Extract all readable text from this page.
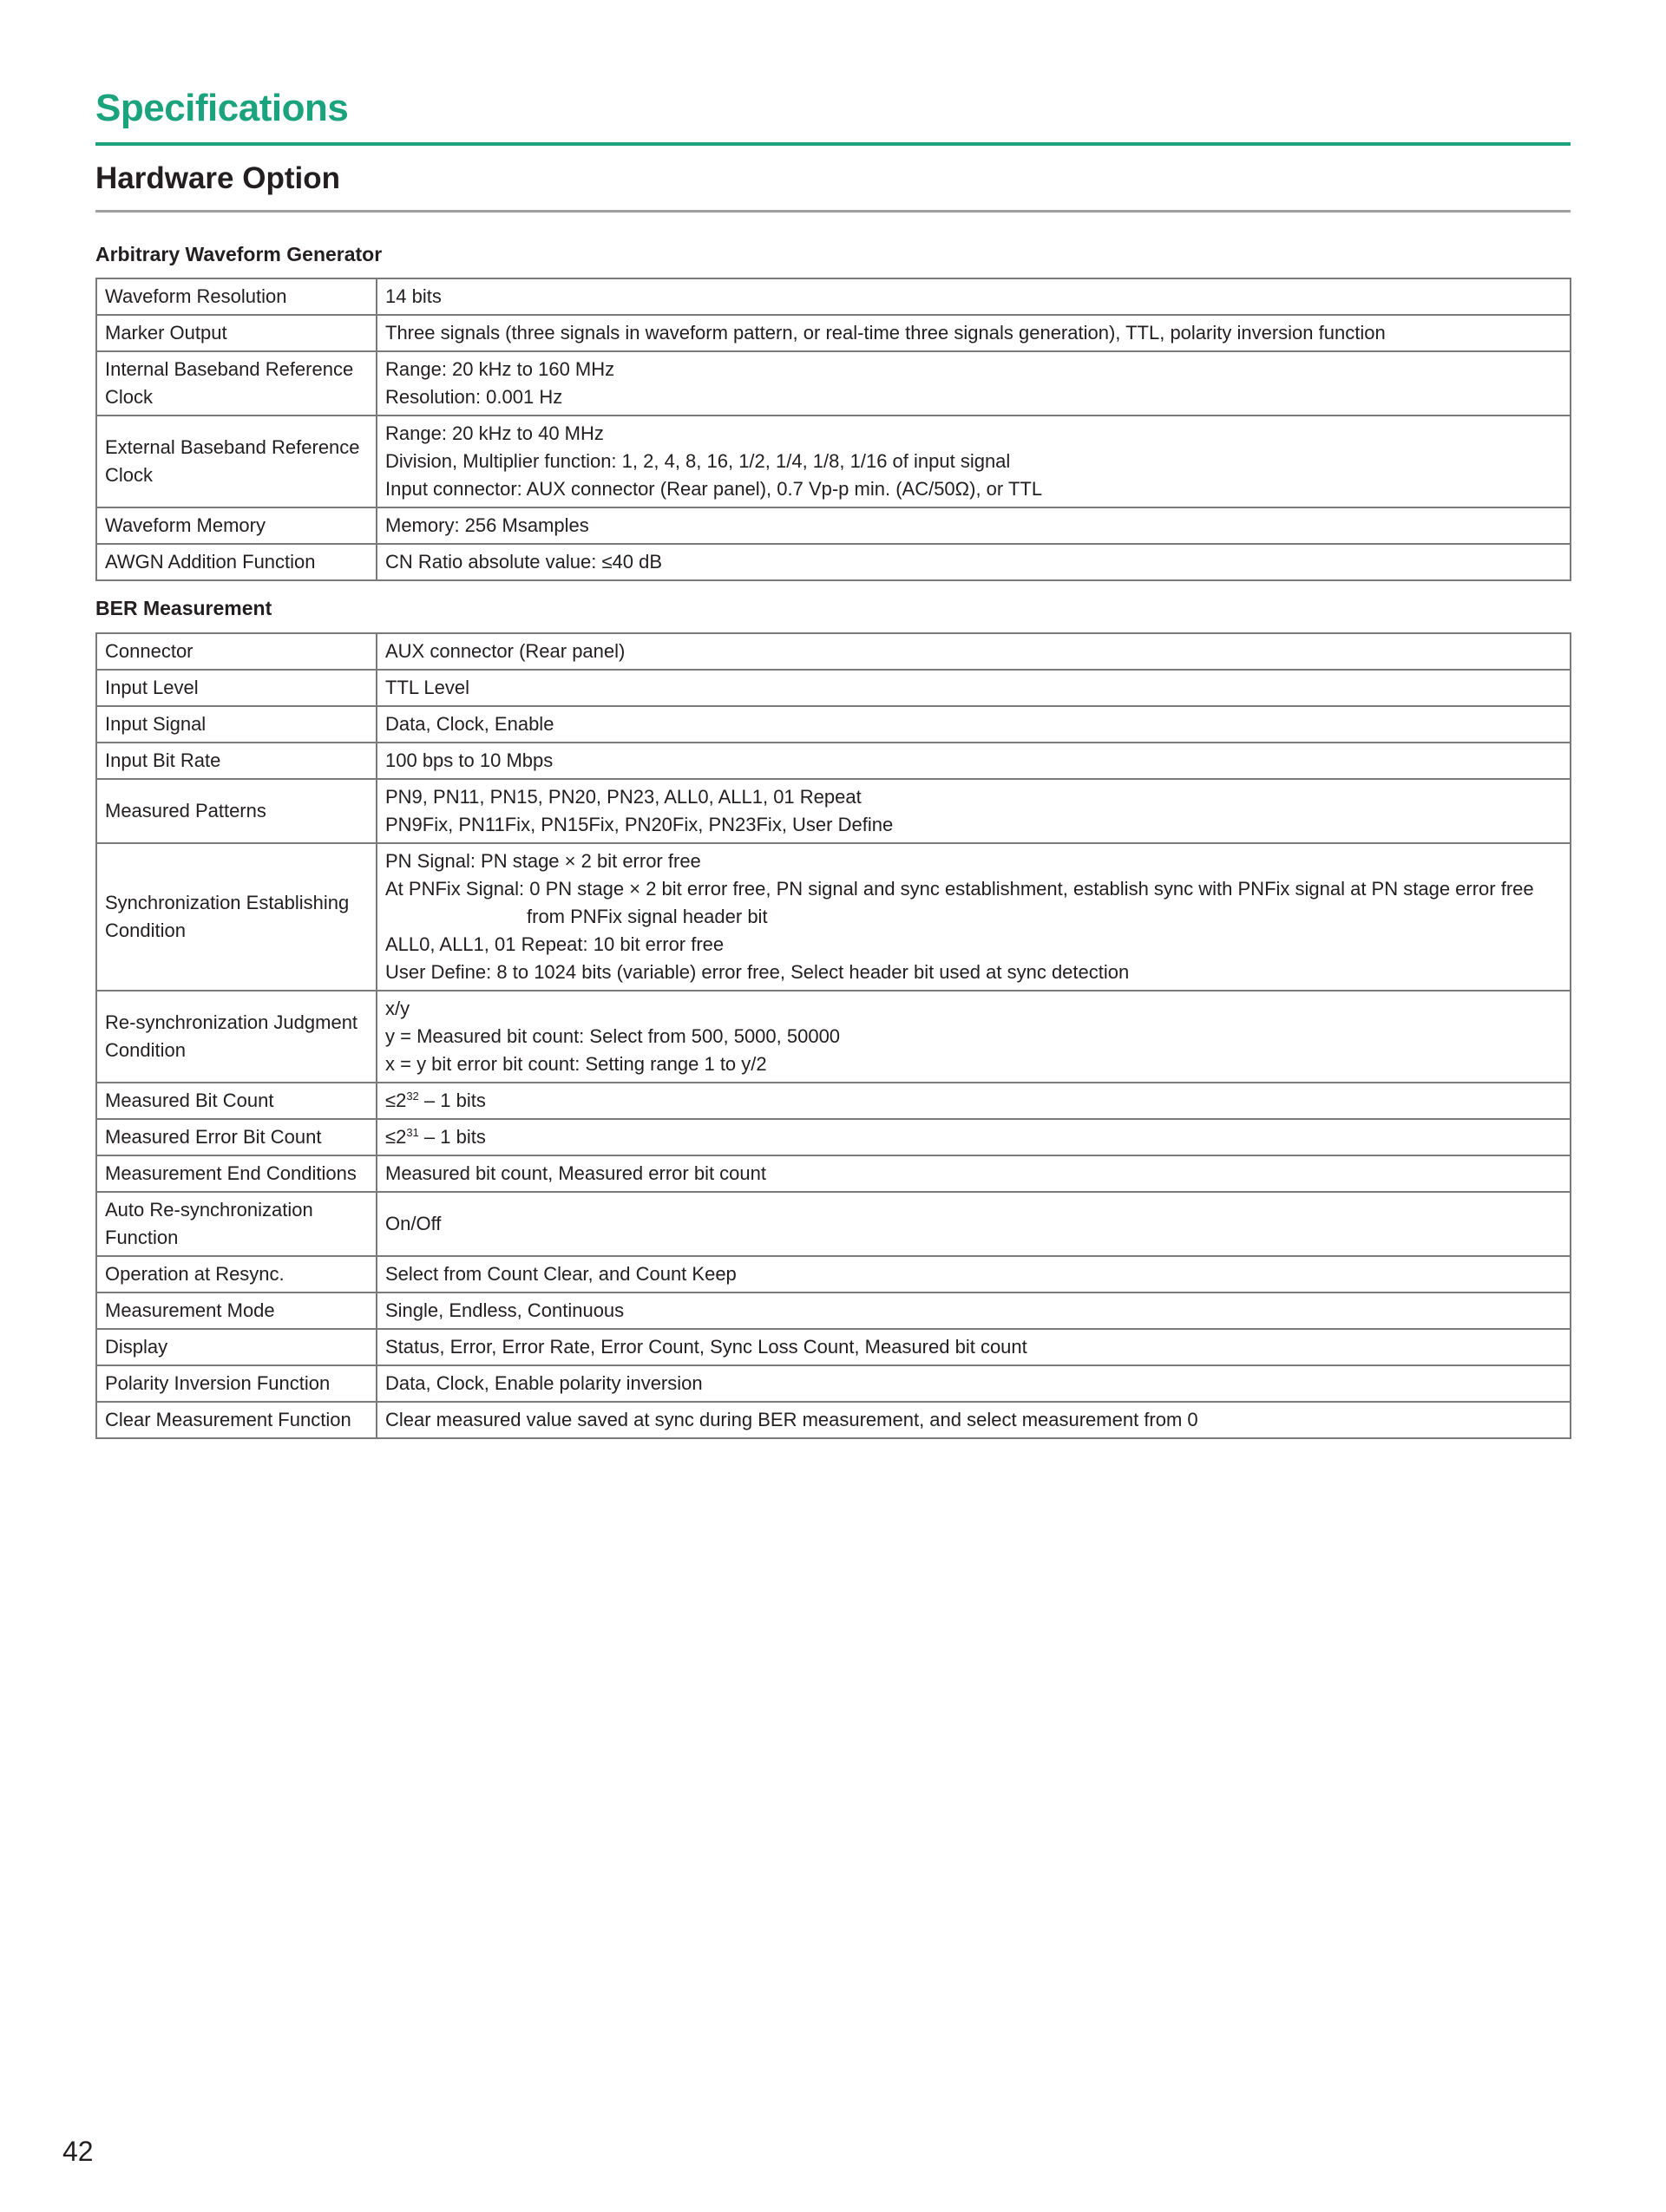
Specifications
Hardware Option
Arbitrary Waveform Generator
Waveform Resolution	14 bits

Marker Output	Three signals (three signals in waveform pattern, or real-time three signals generation), TTL, polarity inversion function

Internal Baseband Reference Clock	Range: 20 kHz to 160 MHz
Resolution: 0.001 Hz

External Baseband Reference Clock	Range: 20 kHz to 40 MHz
Division, Multiplier function: 1, 2, 4, 8, 16, 1/2, 1/4, 1/8, 1/16 of input signal
Input connector: AUX connector (Rear panel), 0.7 Vp-p min. (AC/50Ω), or TTL

Waveform Memory	Memory: 256 Msamples

AWGN Addition Function	CN Ratio absolute value: ≤40 dB
BER Measurement
Connector	AUX connector (Rear panel)

Input Level	TTL Level

Input Signal	Data, Clock, Enable

Input Bit Rate	100 bps to 10 Mbps

Measured Patterns	PN9, PN11, PN15, PN20, PN23, ALL0, ALL1, 01 Repeat
PN9Fix, PN11Fix, PN15Fix, PN20Fix, PN23Fix, User Define

Synchronization Establishing Condition	PN Signal: PN stage × 2 bit error free
At PNFix Signal: 0 PN stage × 2 bit error free, PN signal and sync establishment, establish sync with PNFix signal at PN stage error free
from PNFix signal header bit
ALL0, ALL1, 01 Repeat: 10 bit error free
User Define: 8 to 1024 bits (variable) error free, Select header bit used at sync detection

Re-synchronization Judgment Condition	x/y
y = Measured bit count: Select from 500, 5000, 50000
x = y bit error bit count: Setting range 1 to y/2

Measured Bit Count	$\le 2^{32} - 1$ bits

Measured Error Bit Count	$\le 2^{31} - 1$ bits

Measurement End Conditions	Measured bit count, Measured error bit count

Auto Re-synchronization Function	On/Off

Operation at Resync.	Select from Count Clear, and Count Keep

Measurement Mode	Single, Endless, Continuous

Display	Status, Error, Error Rate, Error Count, Sync Loss Count, Measured bit count

Polarity Inversion Function	Data, Clock, Enable polarity inversion

Clear Measurement Function	Clear measured value saved at sync during BER measurement, and select measurement from 0
42
